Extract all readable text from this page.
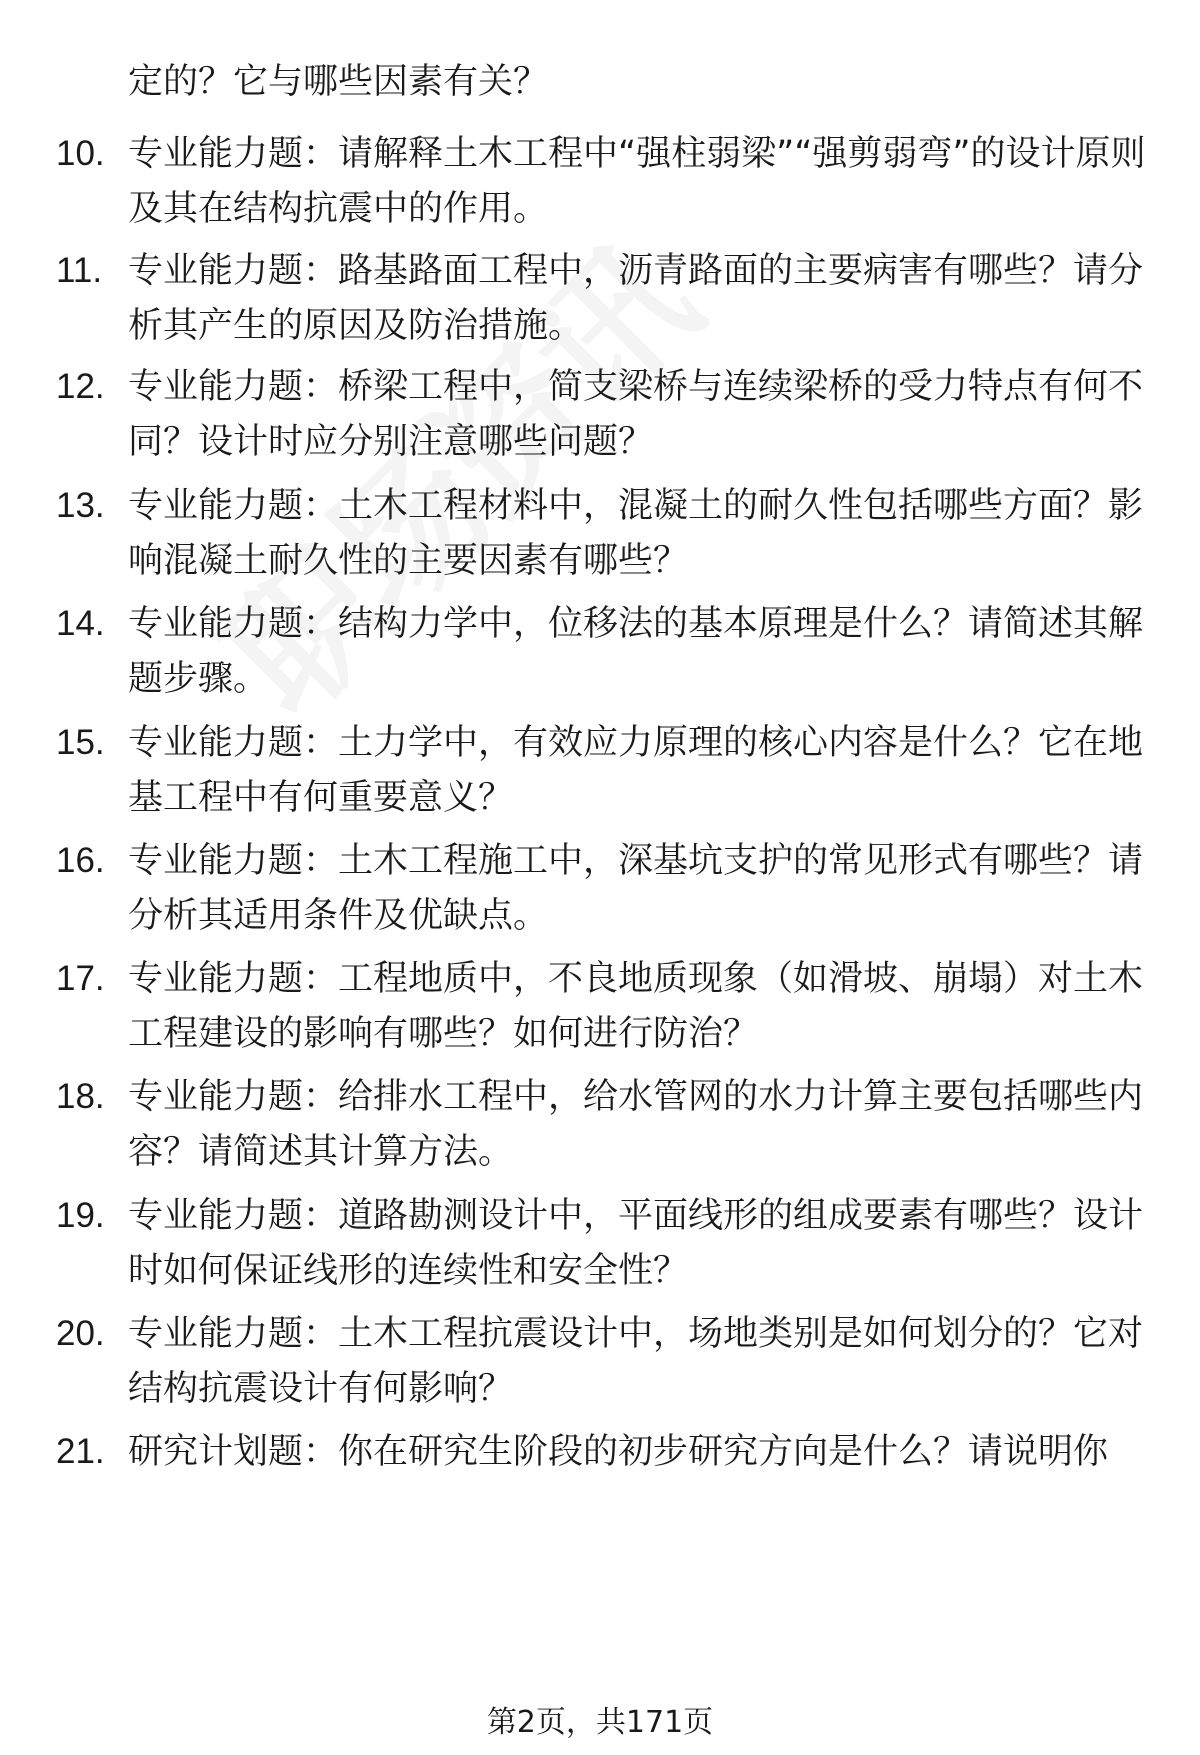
定的？它与哪些因素有关？
10. 专业能力题：请解释土木工程中“强柱弱梁”“强剪弱弯”的设计原则及其在结构抗震中的作用。
11. 专业能力题：路基路面工程中，沥青路面的主要病害有哪些？请分析其产生的原因及防治措施。
12. 专业能力题：桥梁工程中，简支梁桥与连续梁桥的受力特点有何不同？设计时应分别注意哪些问题？
13. 专业能力题：土木工程材料中，混凝土的耐久性包括哪些方面？影响混凝土耐久性的主要因素有哪些？
14. 专业能力题：结构力学中，位移法的基本原理是什么？请简述其解题步骤。
15. 专业能力题：土力学中，有效应力原理的核心内容是什么？它在地基工程中有何重要意义？
16. 专业能力题：土木工程施工中，深基坑支护的常见形式有哪些？请分析其适用条件及优缺点。
17. 专业能力题：工程地质中，不良地质现象（如滑坡、崩塌）对土木工程建设的影响有哪些？如何进行防治？
18. 专业能力题：给排水工程中，给水管网的水力计算主要包括哪些内容？请简述其计算方法。
19. 专业能力题：道路勘测设计中，平面线形的组成要素有哪些？设计时如何保证线形的连续性和安全性？
20. 专业能力题：土木工程抗震设计中，场地类别是如何划分的？它对结构抗震设计有何影响？
21. 研究计划题：你在研究生阶段的初步研究方向是什么？请说明你
第2页，共171页
